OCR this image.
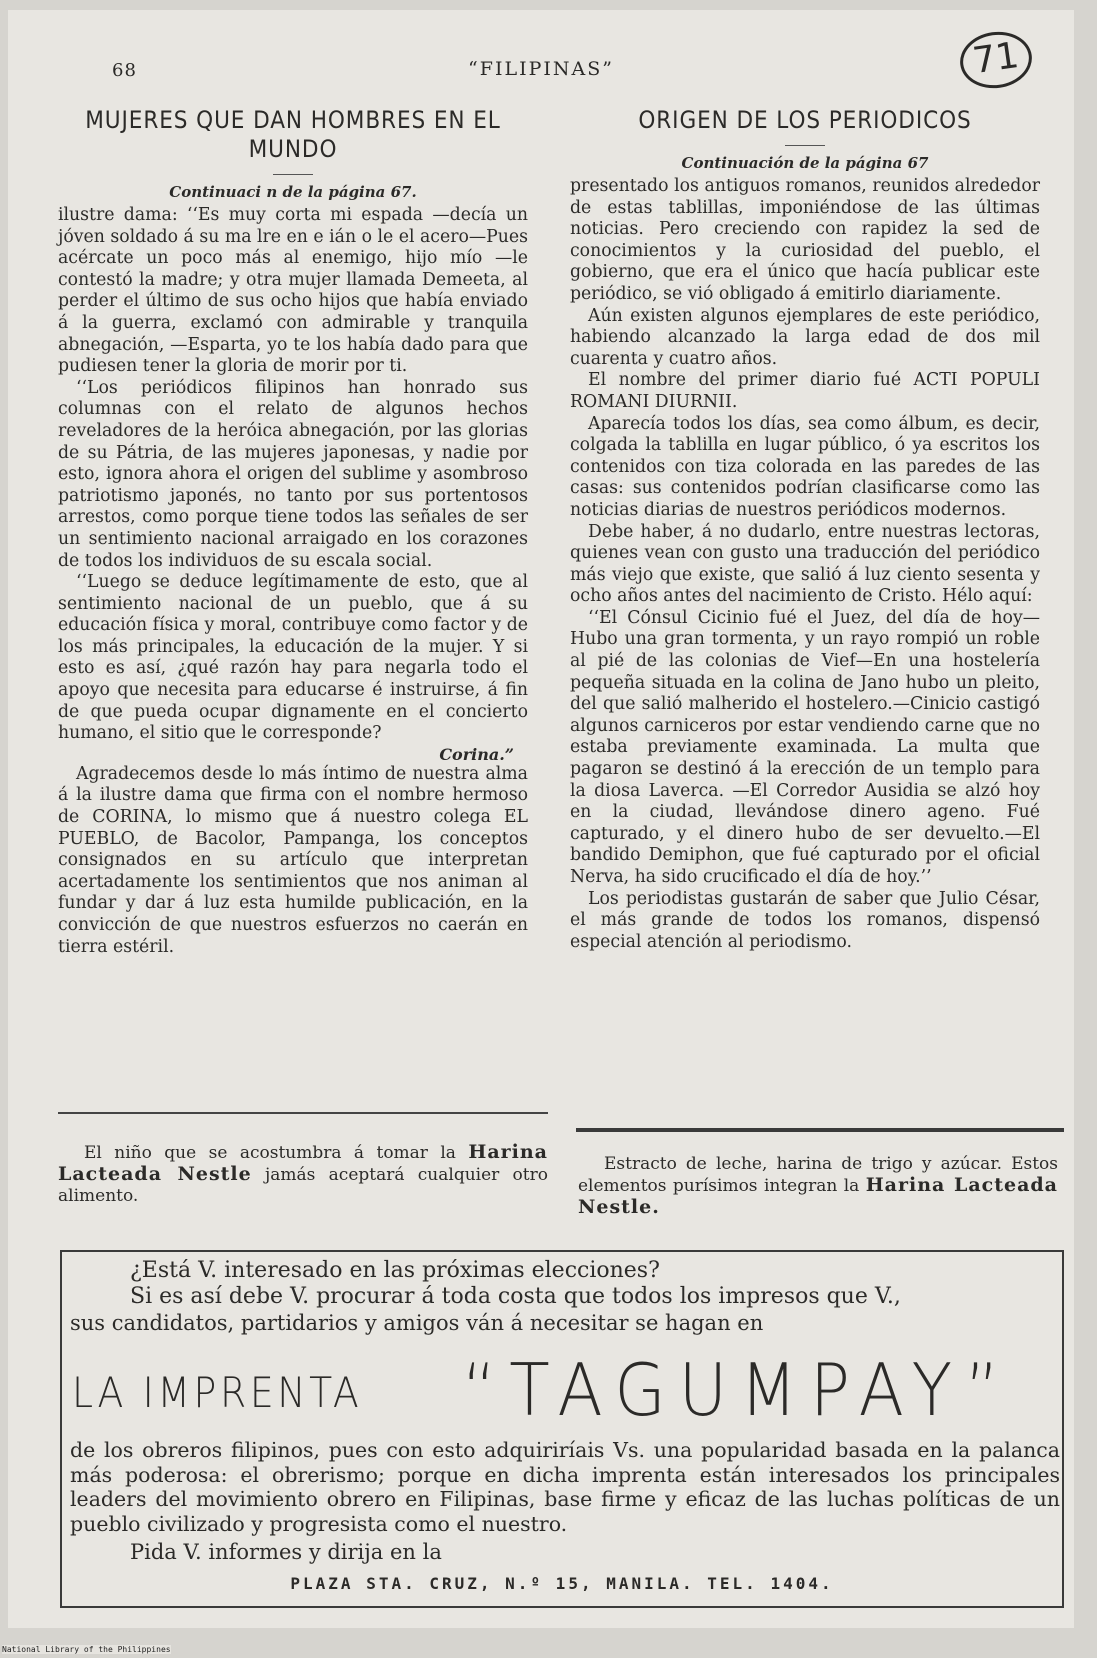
68	“FILIPINAS”	71
MUJERES QUE DAN HOMBRES EN EL MUNDO
Continuaci n de la página 67.

ilustre dama: ‘‘Es muy corta mi espada —decía un jóven soldado á su ma lre en e ián o le el acero—Pues acércate un poco más al enemigo, hijo mío —le contestó la madre; y otra mujer llamada Demeeta, al perder el último de sus ocho hijos que había enviado á la guerra, exclamó con admirable y tranquila abnegación, —Esparta, yo te los había dado para que pudiesen tener la gloria de morir por ti.

‘‘Los periódicos filipinos han honrado sus columnas con el relato de algunos hechos reveladores de la heróica abnegación, por las glorias de su Pátria, de las mujeres japonesas, y nadie por esto, ignora ahora el origen del sublime y asombroso patriotismo japonés, no tanto por sus portentosos arrestos, como porque tiene todos las señales de ser un sentimiento nacional arraigado en los corazones de todos los individuos de su escala social.

‘‘Luego se deduce legítimamente de esto, que al sentimiento nacional de un pueblo, que á su educación física y moral, contribuye como factor y de los más principales, la educación de la mujer. Y si esto es así, ¿qué razón hay para negarla todo el apoyo que necesita para educarse é instruirse, á fin de que pueda ocupar dignamente en el concierto humano, el sitio que le corresponde?

Corina.”

Agradecemos desde lo más íntimo de nuestra alma á la ilustre dama que firma con el nombre hermoso de CORINA, lo mismo que á nuestro colega EL PUEBLO, de Bacolor, Pampanga, los conceptos consignados en su artículo que interpretan acertadamente los sentimientos que nos animan al fundar y dar á luz esta humilde publicación, en la convicción de que nuestros esfuerzos no caerán en tierra estéril.

ORIGEN DE LOS PERIODICOS
Continuación de la página 67

presentado los antiguos romanos, reunidos alrededor de estas tablillas, imponiéndose de las últimas noticias. Pero creciendo con rapidez la sed de conocimientos y la curiosidad del pueblo, el gobierno, que era el único que hacía publicar este periódico, se vió obligado á emitirlo diariamente.

Aún existen algunos ejemplares de este periódico, habiendo alcanzado la larga edad de dos mil cuarenta y cuatro años.

El nombre del primer diario fué ACTI POPULI ROMANI DIURNII.

Aparecía todos los días, sea como álbum, es decir, colgada la tablilla en lugar público, ó ya escritos los contenidos con tiza colorada en las paredes de las casas: sus contenidos podrían clasificarse como las noticias diarias de nuestros periódicos modernos.

Debe haber, á no dudarlo, entre nuestras lectoras, quienes vean con gusto una traducción del periódico más viejo que existe, que salió á luz ciento sesenta y ocho años antes del nacimiento de Cristo. Hélo aquí:

‘‘El Cónsul Cicinio fué el Juez, del día de hoy—Hubo una gran tormenta, y un rayo rompió un roble al pié de las colonias de Vief—En una hostelería pequeña situada en la colina de Jano hubo un pleito, del que salió malherido el hostelero.—Cinicio castigó algunos carniceros por estar vendiendo carne que no estaba previamente examinada. La multa que pagaron se destinó á la erección de un templo para la diosa Laverca. —El Corredor Ausidia se alzó hoy en la ciudad, llevándose dinero ageno. Fué capturado, y el dinero hubo de ser devuelto.—El bandido Demiphon, que fué capturado por el oficial Nerva, ha sido crucificado el día de hoy.’’

Los periodistas gustarán de saber que Julio César, el más grande de todos los romanos, dispensó especial atención al periodismo.

El niño que se acostumbra á tomar la Harina Lacteada Nestle jamás aceptará cualquier otro alimento.

Estracto de leche, harina de trigo y azúcar. Estos elementos purísimos integran la Harina Lacteada Nestle.

¿Está V. interesado en las próximas elecciones?
Si es así debe V. procurar á toda costa que todos los impresos que V.,
sus candidatos, partidarios y amigos ván á necesitar se hagan en
LA IMPRENTA “TAGUMPAY”

de los obreros filipinos, pues con esto adquiriríais Vs. una popularidad basada en la palanca más poderosa: el obrerismo; porque en dicha imprenta están interesados los principales leaders del movimiento obrero en Filipinas, base firme y eficaz de las luchas políticas de un pueblo civilizado y progresista como el nuestro.

Pida V. informes y dirija en la
PLAZA STA. CRUZ, N.º 15, MANILA. TEL. 1404.
National Library of the Philippines
